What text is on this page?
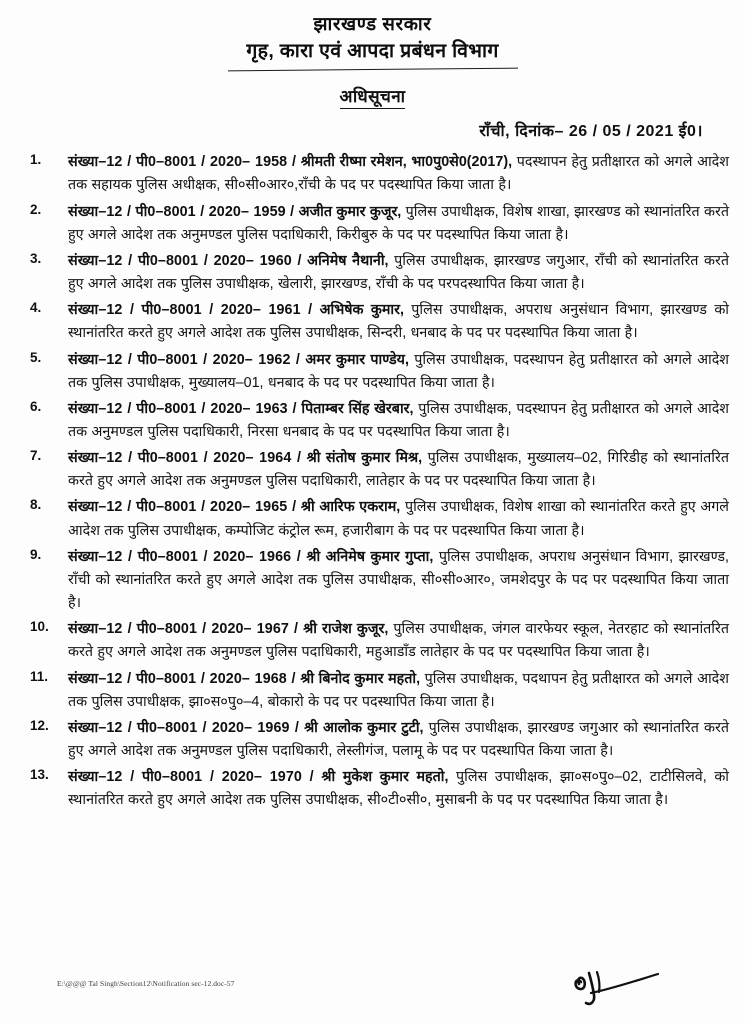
झारखण्ड सरकार
गृह, कारा एवं आपदा प्रबंधन विभाग
अधिसूचना
राँची, दिनांक– 26 / 05 / 2021 ई0।
1.	संख्या–12 / पी0–8001 / 2020– 1958 / श्रीमती रीष्मा रमेशन, भा0पु0से0(2017), पदस्थापन हेतु प्रतीक्षारत को अगले आदेश तक सहायक पुलिस अधीक्षक, सी०सी०आर०,राँची के पद पर पदस्थापित किया जाता है।
2.	संख्या–12 / पी0–8001 / 2020– 1959 / अजीत कुमार कुजूर, पुलिस उपाधीक्षक, विशेष शाखा, झारखण्ड को स्थानांतरित करते हुए अगले आदेश तक अनुमण्डल पुलिस पदाधिकारी, किरीबुरु के पद पर पदस्थापित किया जाता है।
3.	संख्या–12 / पी0–8001 / 2020– 1960 / अनिमेष नैथानी, पुलिस उपाधीक्षक, झारखण्ड जगुआर, राँची को स्थानांतरित करते हुए अगले आदेश तक पुलिस उपाधीक्षक, खेलारी, झारखण्ड, राँची के पद परपदस्थापित किया जाता है।
4.	संख्या–12 / पी0–8001 / 2020– 1961 / अभिषेक कुमार, पुलिस उपाधीक्षक, अपराध अनुसंधान विभाग, झारखण्ड को स्थानांतरित करते हुए अगले आदेश तक पुलिस उपाधीक्षक, सिन्दरी, धनबाद के पद पर पदस्थापित किया जाता है।
5.	संख्या–12 / पी0–8001 / 2020– 1962 / अमर कुमार पाण्डेय, पुलिस उपाधीक्षक, पदस्थापन हेतु प्रतीक्षारत को अगले आदेश तक पुलिस उपाधीक्षक, मुख्यालय–01, धनबाद के पद पर पदस्थापित किया जाता है।
6.	संख्या–12 / पी0–8001 / 2020– 1963 / पिताम्बर सिंह खेरबार, पुलिस उपाधीक्षक, पदस्थापन हेतु प्रतीक्षारत को अगले आदेश तक अनुमण्डल पुलिस पदाधिकारी, निरसा धनबाद के पद पर पदस्थापित किया जाता है।
7.	संख्या–12 / पी0–8001 / 2020– 1964 / श्री संतोष कुमार मिश्र, पुलिस उपाधीक्षक, मुख्यालय–02, गिरिडीह को स्थानांतरित करते हुए अगले आदेश तक अनुमण्डल पुलिस पदाधिकारी, लातेहार के पद पर पदस्थापित किया जाता है।
8.	संख्या–12 / पी0–8001 / 2020– 1965 / श्री आरिफ एकराम, पुलिस उपाधीक्षक, विशेष शाखा को स्थानांतरित करते हुए अगले आदेश तक पुलिस उपाधीक्षक, कम्पोजिट कंट्रोल रूम, हजारीबाग के पद पर पदस्थापित किया जाता है।
9.	संख्या–12 / पी0–8001 / 2020– 1966 / श्री अनिमेष कुमार गुप्ता, पुलिस उपाधीक्षक, अपराध अनुसंधान विभाग, झारखण्ड, राँची को स्थानांतरित करते हुए अगले आदेश तक पुलिस उपाधीक्षक, सी०सी०आर०, जमशेदपुर के पद पर पदस्थापित किया जाता है।
10.	संख्या–12 / पी0–8001 / 2020– 1967 / श्री राजेश कुजूर, पुलिस उपाधीक्षक, जंगल वारफेयर स्कूल, नेतरहाट को स्थानांतरित करते हुए अगले आदेश तक अनुमण्डल पुलिस पदाधिकारी, महुआडाँड लातेहार के पद पर पदस्थापित किया जाता है।
11.	संख्या–12 / पी0–8001 / 2020– 1968 / श्री बिनोद कुमार महतो, पुलिस उपाधीक्षक, पदथापन हेतु प्रतीक्षारत को अगले आदेश तक पुलिस उपाधीक्षक, झा०स०पु०–4, बोकारो के पद पर पदस्थापित किया जाता है।
12.	संख्या–12 / पी0–8001 / 2020– 1969 / श्री आलोक कुमार टुटी, पुलिस उपाधीक्षक, झारखण्ड जगुआर को स्थानांतरित करते हुए अगले आदेश तक अनुमण्डल पुलिस पदाधिकारी, लेस्लीगंज, पलामू के पद पर पदस्थापित किया जाता है।
13.	संख्या–12 / पी0–8001 / 2020– 1970 / श्री मुकेश कुमार महतो, पुलिस उपाधीक्षक, झा०स०पु०–02, टाटीसिलवे, को स्थानांतरित करते हुए अगले आदेश तक पुलिस उपाधीक्षक, सी०टी०सी०, मुसाबनी के पद पर पदस्थापित किया जाता है।
E:\@@@ Tal Singh\Section12\Notification sec-12.doc-57
